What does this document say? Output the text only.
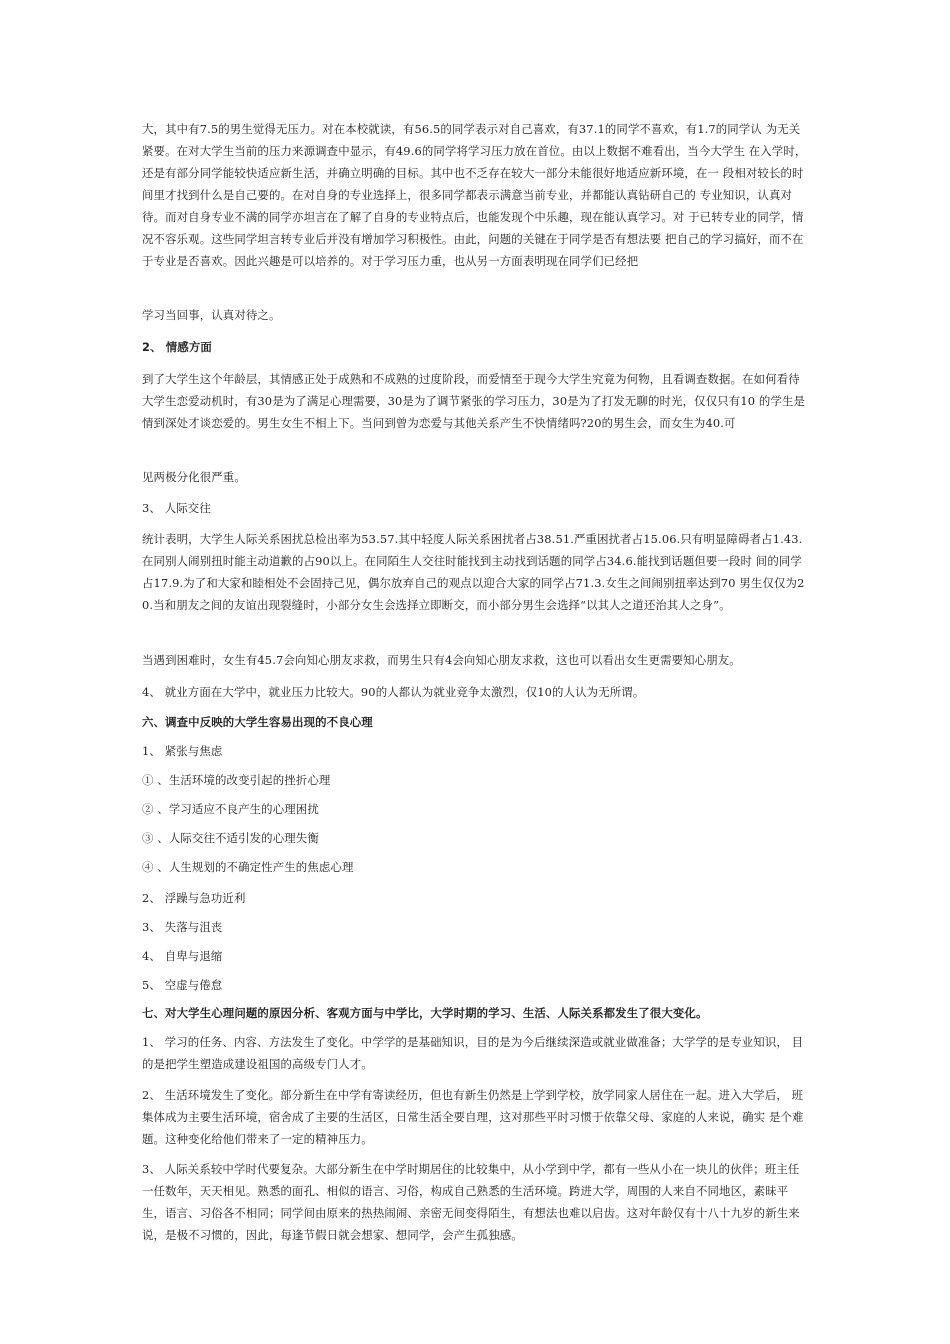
大，其中有7.5的男生觉得无压力。对在本校就读，有56.5的同学表示对自己喜欢，有37.1的同学不喜欢，有1.7的同学认 为无关紧要。在对大学生当前的压力来源调查中显示，有49.6的同学将学习压力放在首位。由以上数据不难看出，当今大学生 在入学时，还是有部分同学能较快适应新生活，并确立明确的目标。其中也不乏存在较大一部分未能很好地适应新环境，在一 段相对较长的时间里才找到什么是自己要的。在对自身的专业选择上，很多同学都表示满意当前专业，并都能认真钻研自己的 专业知识，认真对待。而对自身专业不满的同学亦坦言在了解了自身的专业特点后，也能发现个中乐趣，现在能认真学习。对 于已转专业的同学，情况不容乐观。这些同学坦言转专业后并没有增加学习积极性。由此，问题的关键在于同学是否有想法要 把自己的学习搞好，而不在于专业是否喜欢。因此兴趣是可以培养的。对于学习压力重，也从另一方面表明现在同学们已经把

学习当回事，认真对待之。

2、 情感方面

到了大学生这个年龄层，其情感正处于成熟和不成熟的过度阶段，而爱情至于现今大学生究竟为何物，且看调查数据。在如何看待大学生恋爱动机时，有30是为了满足心理需要，30是为了调节紧张的学习压力，30是为了打发无聊的时光，仅仅只有10 的学生是情到深处才谈恋爱的。男生女生不相上下。当问到曾为恋爱与其他关系产生不快情绪吗?20的男生会，而女生为40.可

见两极分化很严重。

3、 人际交往

统计表明，大学生人际关系困扰总检出率为53.57.其中轻度人际关系困扰者占38.51.严重困扰者占15.06.只有明显障碍者占1.43.在同别人闹别扭时能主动道歉的占90以上。在同陌生人交往时能找到主动找到话题的同学占34.6.能找到话题但要一段时 间的同学占17.9.为了和大家和睦相处不会固持己见，偶尔放弃自己的观点以迎合大家的同学占71.3.女生之间闹别扭率达到70 男生仅仅为20.当和朋友之间的友谊出现裂缝时，小部分女生会选择立即断交，而小部分男生会选择“以其人之道还治其人之身”。

当遇到困难时，女生有45.7会向知心朋友求救，而男生只有4会向知心朋友求救，这也可以看出女生更需要知心朋友。

4、 就业方面在大学中，就业压力比较大。90的人都认为就业竞争太激烈，仅10的人认为无所谓。

六、调查中反映的大学生容易出现的不良心理

1、 紧张与焦虑

① 、生活环境的改变引起的挫折心理

② 、学习适应不良产生的心理困扰

③ 、人际交往不适引发的心理失衡

④ 、人生规划的不确定性产生的焦虑心理

2、 浮躁与急功近利

3、 失落与沮丧

4、 自卑与退缩

5、 空虚与倦怠

七、对大学生心理问题的原因分析、客观方面与中学比，大学时期的学习、生活、人际关系都发生了很大变化。

1、 学习的任务、内容、方法发生了变化。中学学的是基础知识，目的是为今后继续深造或就业做准备；大学学的是专业知识， 目的是把学生塑造成建设祖国的高级专门人才。

2、 生活环境发生了变化。部分新生在中学有寄读经历，但也有新生仍然是上学到学校，放学同家人居住在一起。进入大学后， 班集体成为主要生活环境，宿舍成了主要的生活区，日常生活全要自理，这对那些平时习惯于依靠父母、家庭的人来说，确实 是个难题。这种变化给他们带来了一定的精神压力。

3、 人际关系较中学时代要复杂。大部分新生在中学时期居住的比较集中，从小学到中学，都有一些从小在一块儿的伙伴；班主任一任数年，天天相见。熟悉的面孔、相似的语言、习俗，构成自己熟悉的生活环境。跨进大学，周围的人来自不同地区，素昧平生，语言、习俗各不相同；同学间由原来的热热闹闹、亲密无间变得陌生，有想法也难以启齿。这对年龄仅有十八十九岁的新生来说，是极不习惯的，因此，每逢节假日就会想家、想同学，会产生孤独感。
